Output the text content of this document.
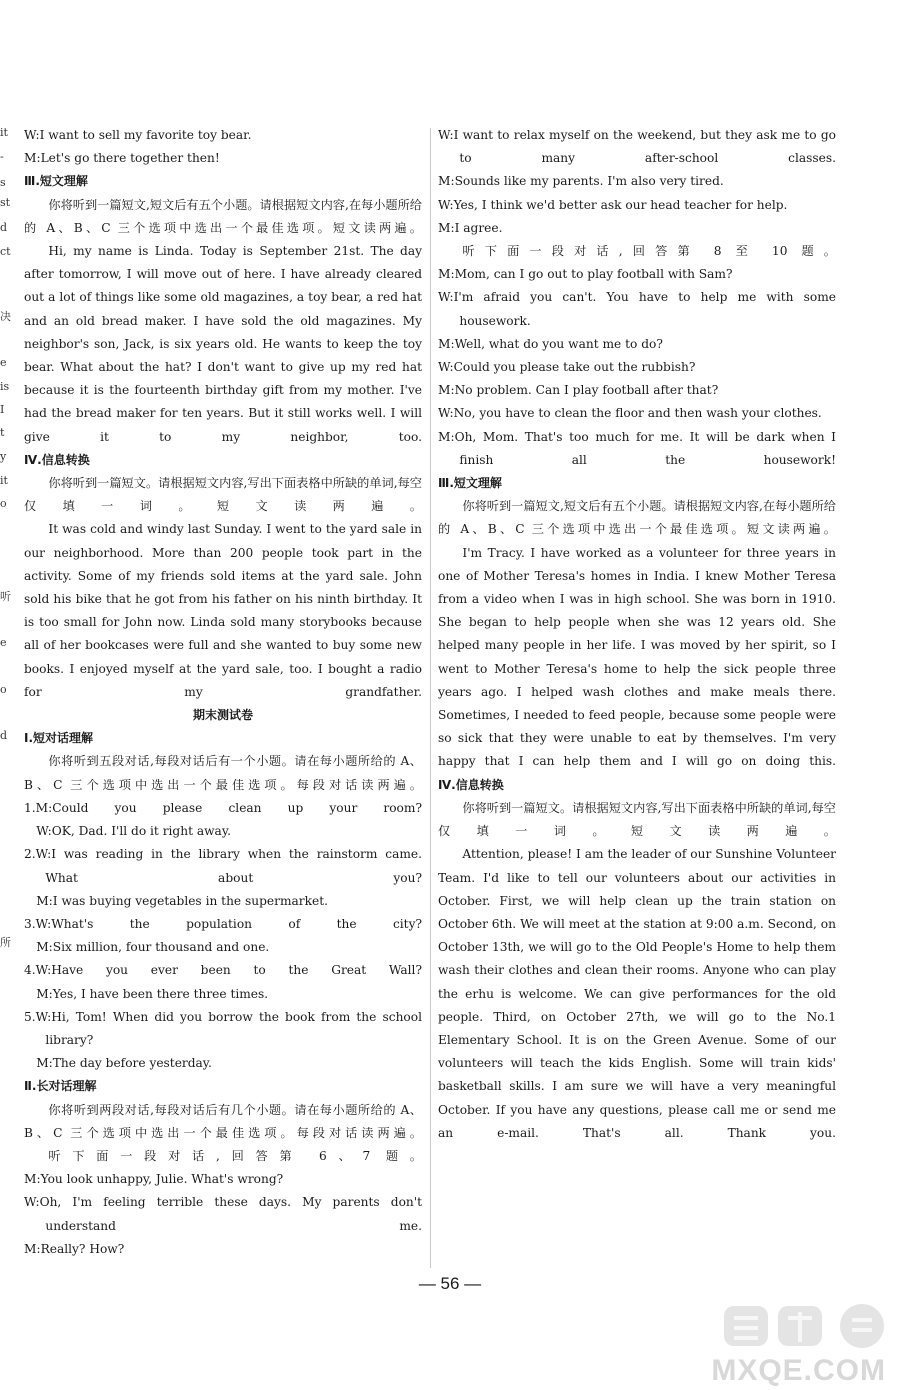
it
-
s
st
d
ct
决
e
is
I
t
y
it
o
听
e
o
d
所

W:I want to sell my favorite toy bear.

M:Let's go there together then!

Ⅲ.短文理解

你将听到一篇短文,短文后有五个小题。请根据短文内容,在每小题所给的 A、B、C 三个选项中选出一个最佳选项。短文读两遍。

Hi, my name is Linda. Today is September 21st. The day after tomorrow, I will move out of here. I have already cleared out a lot of things like some old magazines, a toy bear, a red hat and an old bread maker. I have sold the old magazines. My neighbor's son, Jack, is six years old. He wants to keep the toy bear. What about the hat? I don't want to give up my red hat because it is the fourteenth birthday gift from my mother. I've had the bread maker for ten years. But it still works well. I will give it to my neighbor, too.

Ⅳ.信息转换

你将听到一篇短文。请根据短文内容,写出下面表格中所缺的单词,每空仅填一词。短文读两遍。

It was cold and windy last Sunday. I went to the yard sale in our neighborhood. More than 200 people took part in the activity. Some of my friends sold items at the yard sale. John sold his bike that he got from his father on his ninth birthday. It is too small for John now. Linda sold many storybooks because all of her bookcases were full and she wanted to buy some new books. I enjoyed myself at the yard sale, too. I bought a radio for my grandfather.

期末测试卷

Ⅰ.短对话理解

你将听到五段对话,每段对话后有一个小题。请在每小题所给的 A、B、C 三个选项中选出一个最佳选项。每段对话读两遍。

1.M:Could you please clean up your room?

W:OK, Dad. I'll do it right away.

2.W:I was reading in the library when the rainstorm came. What about you?

M:I was buying vegetables in the supermarket.

3.W:What's the population of the city?

M:Six million, four thousand and one.

4.W:Have you ever been to the Great Wall?

M:Yes, I have been there three times.

5.W:Hi, Tom! When did you borrow the book from the school library?

M:The day before yesterday.

Ⅱ.长对话理解

你将听到两段对话,每段对话后有几个小题。请在每小题所给的 A、B、C 三个选项中选出一个最佳选项。每段对话读两遍。

听下面一段对话,回答第 6、7 题。

M:You look unhappy, Julie. What's wrong?

W:Oh, I'm feeling terrible these days. My parents don't understand me.

M:Really? How?

W:I want to relax myself on the weekend, but they ask me to go to many after-school classes.

M:Sounds like my parents. I'm also very tired.

W:Yes, I think we'd better ask our head teacher for help.

M:I agree.

听下面一段对话,回答第 8 至 10 题。

M:Mom, can I go out to play football with Sam?

W:I'm afraid you can't. You have to help me with some housework.

M:Well, what do you want me to do?

W:Could you please take out the rubbish?

M:No problem. Can I play football after that?

W:No, you have to clean the floor and then wash your clothes.

M:Oh, Mom. That's too much for me. It will be dark when I finish all the housework!

Ⅲ.短文理解

你将听到一篇短文,短文后有五个小题。请根据短文内容,在每小题所给的 A、B、C 三个选项中选出一个最佳选项。短文读两遍。

I'm Tracy. I have worked as a volunteer for three years in one of Mother Teresa's homes in India. I knew Mother Teresa from a video when I was in high school. She was born in 1910. She began to help people when she was 12 years old. She helped many people in her life. I was moved by her spirit, so I went to Mother Teresa's home to help the sick people three years ago. I helped wash clothes and make meals there. Sometimes, I needed to feed people, because some people were so sick that they were unable to eat by themselves. I'm very happy that I can help them and I will go on doing this.

Ⅳ.信息转换

你将听到一篇短文。请根据短文内容,写出下面表格中所缺的单词,每空仅填一词。短文读两遍。

Attention, please! I am the leader of our Sunshine Volunteer Team. I'd like to tell our volunteers about our activities in October. First, we will help clean up the train station on October 6th. We will meet at the station at 9:00 a.m. Second, on October 13th, we will go to the Old People's Home to help them wash their clothes and clean their rooms. Anyone who can play the erhu is welcome. We can give performances for the old people. Third, on October 27th, we will go to the No.1 Elementary School. It is on the Green Avenue. Some of our volunteers will teach the kids English. Some will train kids' basketball skills. I am sure we will have a very meaningful October. If you have any questions, please call me or send me an e-mail. That's all. Thank you.

— 56 —
MXQE.COM
